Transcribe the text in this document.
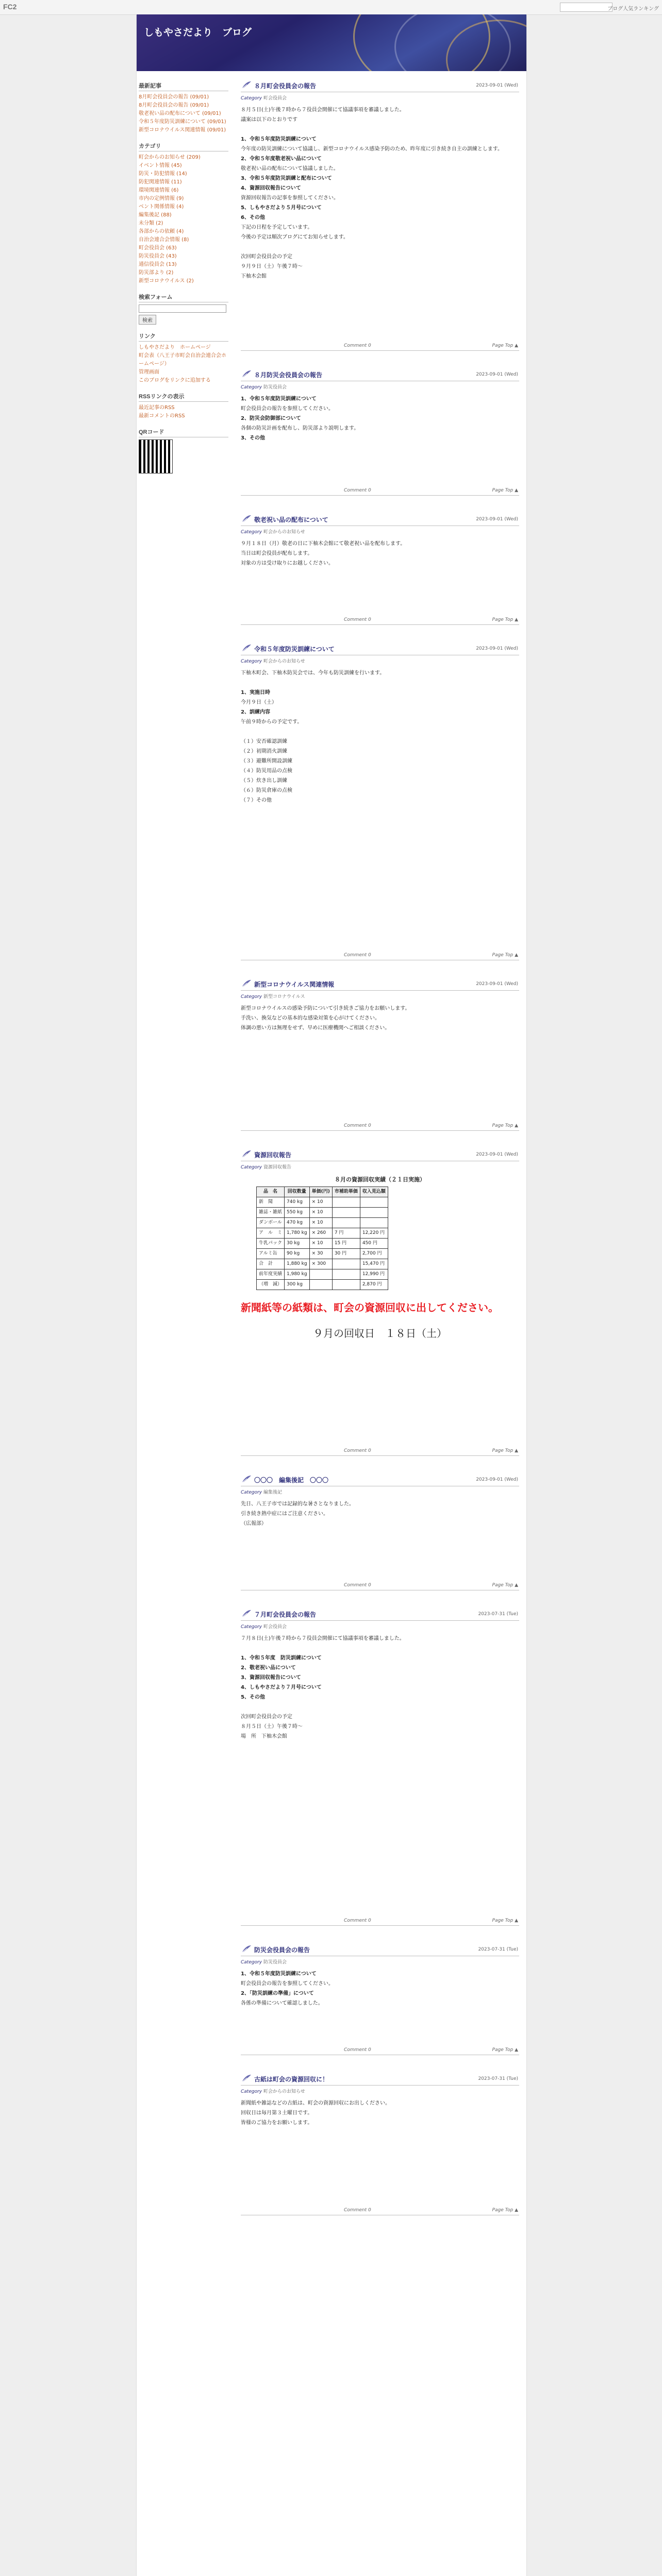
FC2	ブログ人気ランキング
しもやさだより　ブログ
最新記事
8月町会役員会の報告 (09/01)
8月町会役員会の報告 (09/01)
敬老祝い品の配布について (09/01)
令和５年度防災訓練について (09/01)
新型コロナウイルス関連情報 (09/01)
カテゴリ
町会からのお知らせ (209)
イベント情報 (45)
防災・防犯情報 (14)
防犯関連情報 (11)
環境関連情報 (6)
市内の定例情報 (9)
ベント関係情報 (4)
編集後記 (88)
未分類 (2)
各部からの依頼 (4)
自治会連合会情報 (8)
町会役員会 (63)
防災役員会 (43)
通信役員会 (13)
防災部より (2)
新型コロナウイルス (2)
検索フォーム
検索
リンク
しもやさだより　ホームページ
町会表（八王子市町会自治会連合会ホームページ）
管理画面
このブログをリンクに追加する
RSSリンクの表示
最近記事のRSS
最新コメントのRSS
QRコード
８月町会役員会の報告	2023-09-01 (Wed)
Category 町会役員会

８月５日(土)午後７時から７役員会開催にて協議事項を審議しました。

議案は以下のとおりです

1、令和５年度防災訓練について

今年度の防災訓練について協議し、新型コロナウイルス感染予防のため、昨年度に引き続き自主の訓練とします。

2、令和５年度敬老祝い品について

敬老祝い品の配布について協議しました。

3、令和５年度防災訓練と配布について

4、資源回収報告について

資源回収報告の記事を参照してください。

5、しもやさだより５月号について

6、その他

下記の日程を予定しています。

今後の予定は順次ブログにてお知らせします。

次回町会役員会の予定

９月９日（土）午後７時〜

下柚木会館

Comment 0	Page Top ▲
８月防災会役員会の報告	2023-09-01 (Wed)
Category 防災役員会

1、令和５年度防災訓練について

町会役員会の報告を参照してください。

2、防災会防御部について

各個の防災計画を配布し、防災部より説明します。

3、その他

Comment 0	Page Top ▲
敬老祝い品の配布について	2023-09-01 (Wed)
Category 町会からのお知らせ

９月１８日（月）敬老の日に下柚木会館にて敬老祝い品を配布します。

当日は町会役員が配布します。

対象の方は受け取りにお越しください。

Comment 0	Page Top ▲
令和５年度防災訓練について	2023-09-01 (Wed)
Category 町会からのお知らせ

下柚木町会、下柚木防災会では、今年も防災訓練を行います。

1、実施日時

今月９日（土）

2、訓練内容

午前９時からの予定です。

（１）安否確認訓練

（２）初期消火訓練

（３）避難所開設訓練

（４）防災用品の点検

（５）炊き出し訓練

（６）防災倉庫の点検

（７）その他

Comment 0	Page Top ▲
新型コロナウイルス関連情報	2023-09-01 (Wed)
Category 新型コロナウイルス

新型コロナウイルスの感染予防について引き続きご協力をお願いします。

手洗い、換気などの基本的な感染対策を心がけてください。

体調の悪い方は無理をせず、早めに医療機関へご相談ください。

Comment 0	Page Top ▲
資源回収報告	2023-09-01 (Wed)
Category 資源回収報告
８月の資源回収実績（２１日実施）
品　名	回収数量	単価(円)	市補助単価	収入見込額
新　聞	740 kg	× 10		
雑誌・雑紙	550 kg	× 10		
ダンボール	470 kg	× 10		
ア　ル　ミ	1,780 kg	× 260	7 円	12,220 円
牛乳パック	30 kg	× 10	15 円	450 円
アルミ缶	90 kg	× 30	30 円	2,700 円
合　計	1,880 kg	× 300		15,470 円
前年度実績	1,980 kg			12,990 円
（増　減）	300 kg			2,870 円
新聞紙等の紙類は、町会の資源回収に出してください。
９月の回収日　１８日（土）
Comment 0	Page Top ▲
〇〇〇　編集後記　〇〇〇	2023-09-01 (Wed)
Category 編集後記

先日、八王子市では記録的な暑さとなりました。

引き続き熱中症にはご注意ください。

（広報部）

Comment 0	Page Top ▲
７月町会役員会の報告	2023-07-31 (Tue)
Category 町会役員会

７月８日(土)午後７時から７役員会開催にて協議事項を審議しました。

1、令和５年度　防災訓練について

2、敬老祝い品について

3、資源回収報告について

4、しもやさだより７月号について

5、その他

次回町会役員会の予定

８月５日（土）午後７時〜

場　所　下柚木会館

Comment 0	Page Top ▲
防災会役員会の報告	2023-07-31 (Tue)
Category 防災役員会

1、令和５年度防災訓練について

町会役員会の報告を参照してください。

2、「防災訓練の準備」について

各係の準備について確認しました。

Comment 0	Page Top ▲
古紙は町会の資源回収に！	2023-07-31 (Tue)
Category 町会からのお知らせ

新聞紙や雑誌などの古紙は、町会の資源回収にお出しください。

回収日は毎月第３土曜日です。

皆様のご協力をお願いします。

Comment 0	Page Top ▲
